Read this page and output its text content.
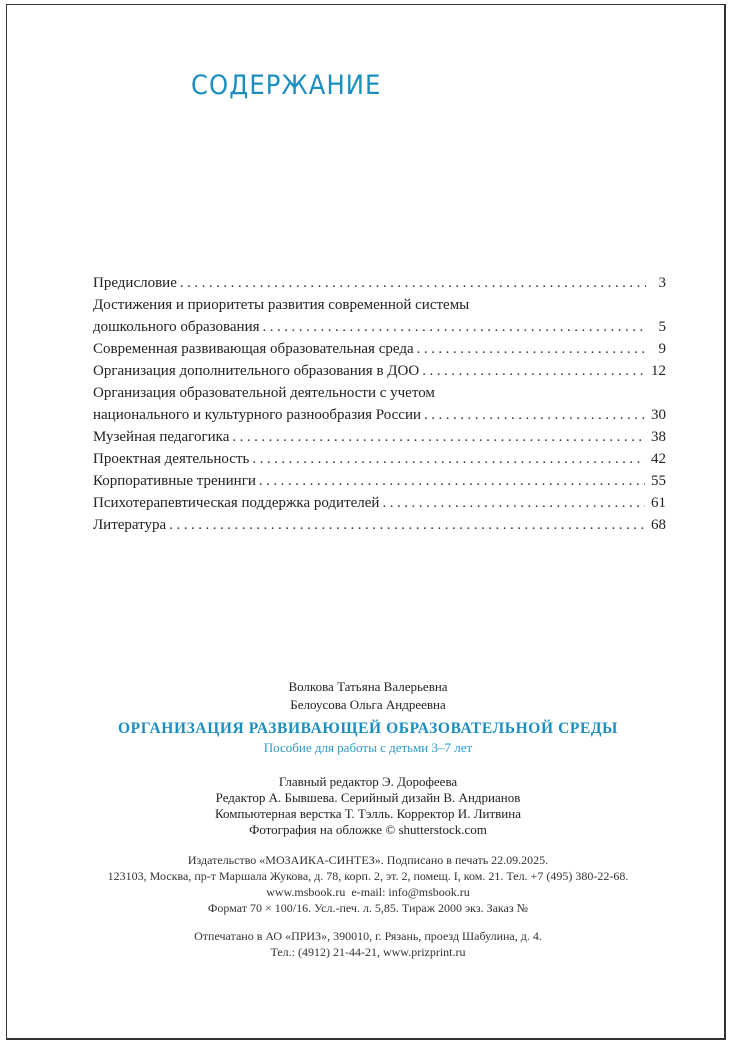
СОДЕРЖАНИЕ
Предисловие .....	3
Достижения и приоритеты развития современной системы
дошкольного образования .....	5
Современная развивающая образовательная среда .....	9
Организация дополнительного образования в ДОО .....	12
Организация образовательной деятельности с учетом
национального и культурного разнообразия России .....	30
Музейная педагогика .....	38
Проектная деятельность .....	42
Корпоративные тренинги .....	55
Психотерапевтическая поддержка родителей .....	61
Литература .....	68
Волкова Татьяна Валерьевна
Белоусова Ольга Андреевна
ОРГАНИЗАЦИЯ РАЗВИВАЮЩЕЙ ОБРАЗОВАТЕЛЬНОЙ СРЕДЫ
Пособие для работы с детьми 3–7 лет
Главный редактор Э. Дорофеева
Редактор А. Бывшева. Серийный дизайн В. Андрианов
Компьютерная верстка Т. Тэлль. Корректор И. Литвина
Фотография на обложке © shutterstock.com
Издательство «МОЗАИКА-СИНТЕЗ». Подписано в печать 22.09.2025.
123103, Москва, пр-т Маршала Жукова, д. 78, корп. 2, эт. 2, помещ. I, ком. 21. Тел. +7 (495) 380-22-68.
www.msbook.ru  e-mail: info@msbook.ru
Формат 70 × 100/16. Усл.-печ. л. 5,85. Тираж 2000 экз. Заказ №
Отпечатано в АО «ПРИЗ», 390010, г. Рязань, проезд Шабулина, д. 4.
Тел.: (4912) 21-44-21, www.prizprint.ru
